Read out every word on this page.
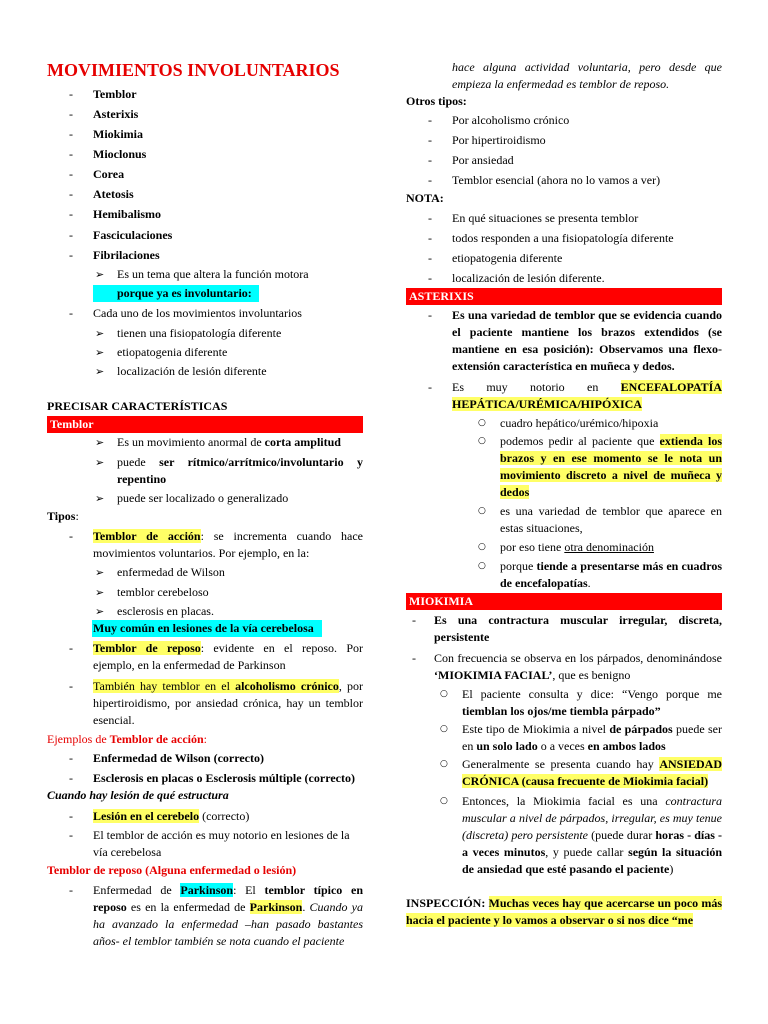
MOVIMIENTOS INVOLUNTARIOS
- Temblor
- Asterixis
- Miokimia
- Mioclonus
- Corea
- Atetosis
- Hemibalismo
- Fasciculaciones
- Fibrilaciones
➢ Es un tema que altera la función motora
porque ya es involuntario:
- Cada uno de los movimientos involuntarios
➢ tienen una fisiopatología diferente
➢ etiopatogenia diferente
➢ localización de lesión diferente
PRECISAR CARACTERÍSTICAS
Temblor
➢ Es un movimiento anormal de corta amplitud
➢ puede ser rítmico/arrítmico/involuntario y repentino
➢ puede ser localizado o generalizado
Tipos:
- Temblor de acción: se incrementa cuando hace movimientos voluntarios. Por ejemplo, en la:
➢ enfermedad de Wilson
➢ temblor cerebeloso
➢ esclerosis en placas.
Muy común en lesiones de la vía cerebelosa
- Temblor de reposo: evidente en el reposo. Por ejemplo, en la enfermedad de Parkinson
- También hay temblor en el alcoholismo crónico, por hipertiroidismo, por ansiedad crónica, hay un temblor esencial.
Ejemplos de Temblor de acción:
- Enfermedad de Wilson (correcto)
- Esclerosis en placas o Esclerosis múltiple (correcto)
Cuando hay lesión de qué estructura
- Lesión en el cerebelo (correcto)
- El temblor de acción es muy notorio en lesiones de la vía cerebelosa
Temblor de reposo (Alguna enfermedad o lesión)
- Enfermedad de Parkinson: El temblor típico en reposo es en la enfermedad de Parkinson. Cuando ya ha avanzado la enfermedad –han pasado bastantes años- el temblor también se nota cuando el paciente
hace alguna actividad voluntaria, pero desde que empieza la enfermedad es temblor de reposo.
Otros tipos:
- Por alcoholismo crónico
- Por hipertiroidismo
- Por ansiedad
- Temblor esencial (ahora no lo vamos a ver)
NOTA:
- En qué situaciones se presenta temblor
- todos responden a una fisiopatología diferente
- etiopatogenia diferente
- localización de lesión diferente.
ASTERIXIS
- Es una variedad de temblor que se evidencia cuando el paciente mantiene los brazos extendidos (se mantiene en esa posición): Observamos una flexo-extensión característica en muñeca y dedos.
- Es muy notorio en ENCEFALOPATÍA HEPÁTICA/URÉMICA/HIPÓXICA
○ cuadro hepático/urémico/hipoxia
○ podemos pedir al paciente que extienda los brazos y en ese momento se le nota un movimiento discreto a nivel de muñeca y dedos
○ es una variedad de temblor que aparece en estas situaciones,
○ por eso tiene otra denominación
○ porque tiende a presentarse más en cuadros de encefalopatías.
MIOKIMIA
- Es una contractura muscular irregular, discreta, persistente
- Con frecuencia se observa en los párpados, denominándose ‘MIOKIMIA FACIAL’, que es benigno
○ El paciente consulta y dice: “Vengo porque me tiemblan los ojos/me tiembla párpado”
○ Este tipo de Miokimia a nivel de párpados puede ser en un solo lado o a veces en ambos lados
○ Generalmente se presenta cuando hay ANSIEDAD CRÓNICA (causa frecuente de Miokimia facial)
○ Entonces, la Miokimia facial es una contractura muscular a nivel de párpados, irregular, es muy tenue (discreta) pero persistente (puede durar horas - días - a veces minutos, y puede callar según la situación de ansiedad que esté pasando el paciente)
INSPECCIÓN: Muchas veces hay que acercarse un poco más hacia el paciente y lo vamos a observar o si nos dice “me
